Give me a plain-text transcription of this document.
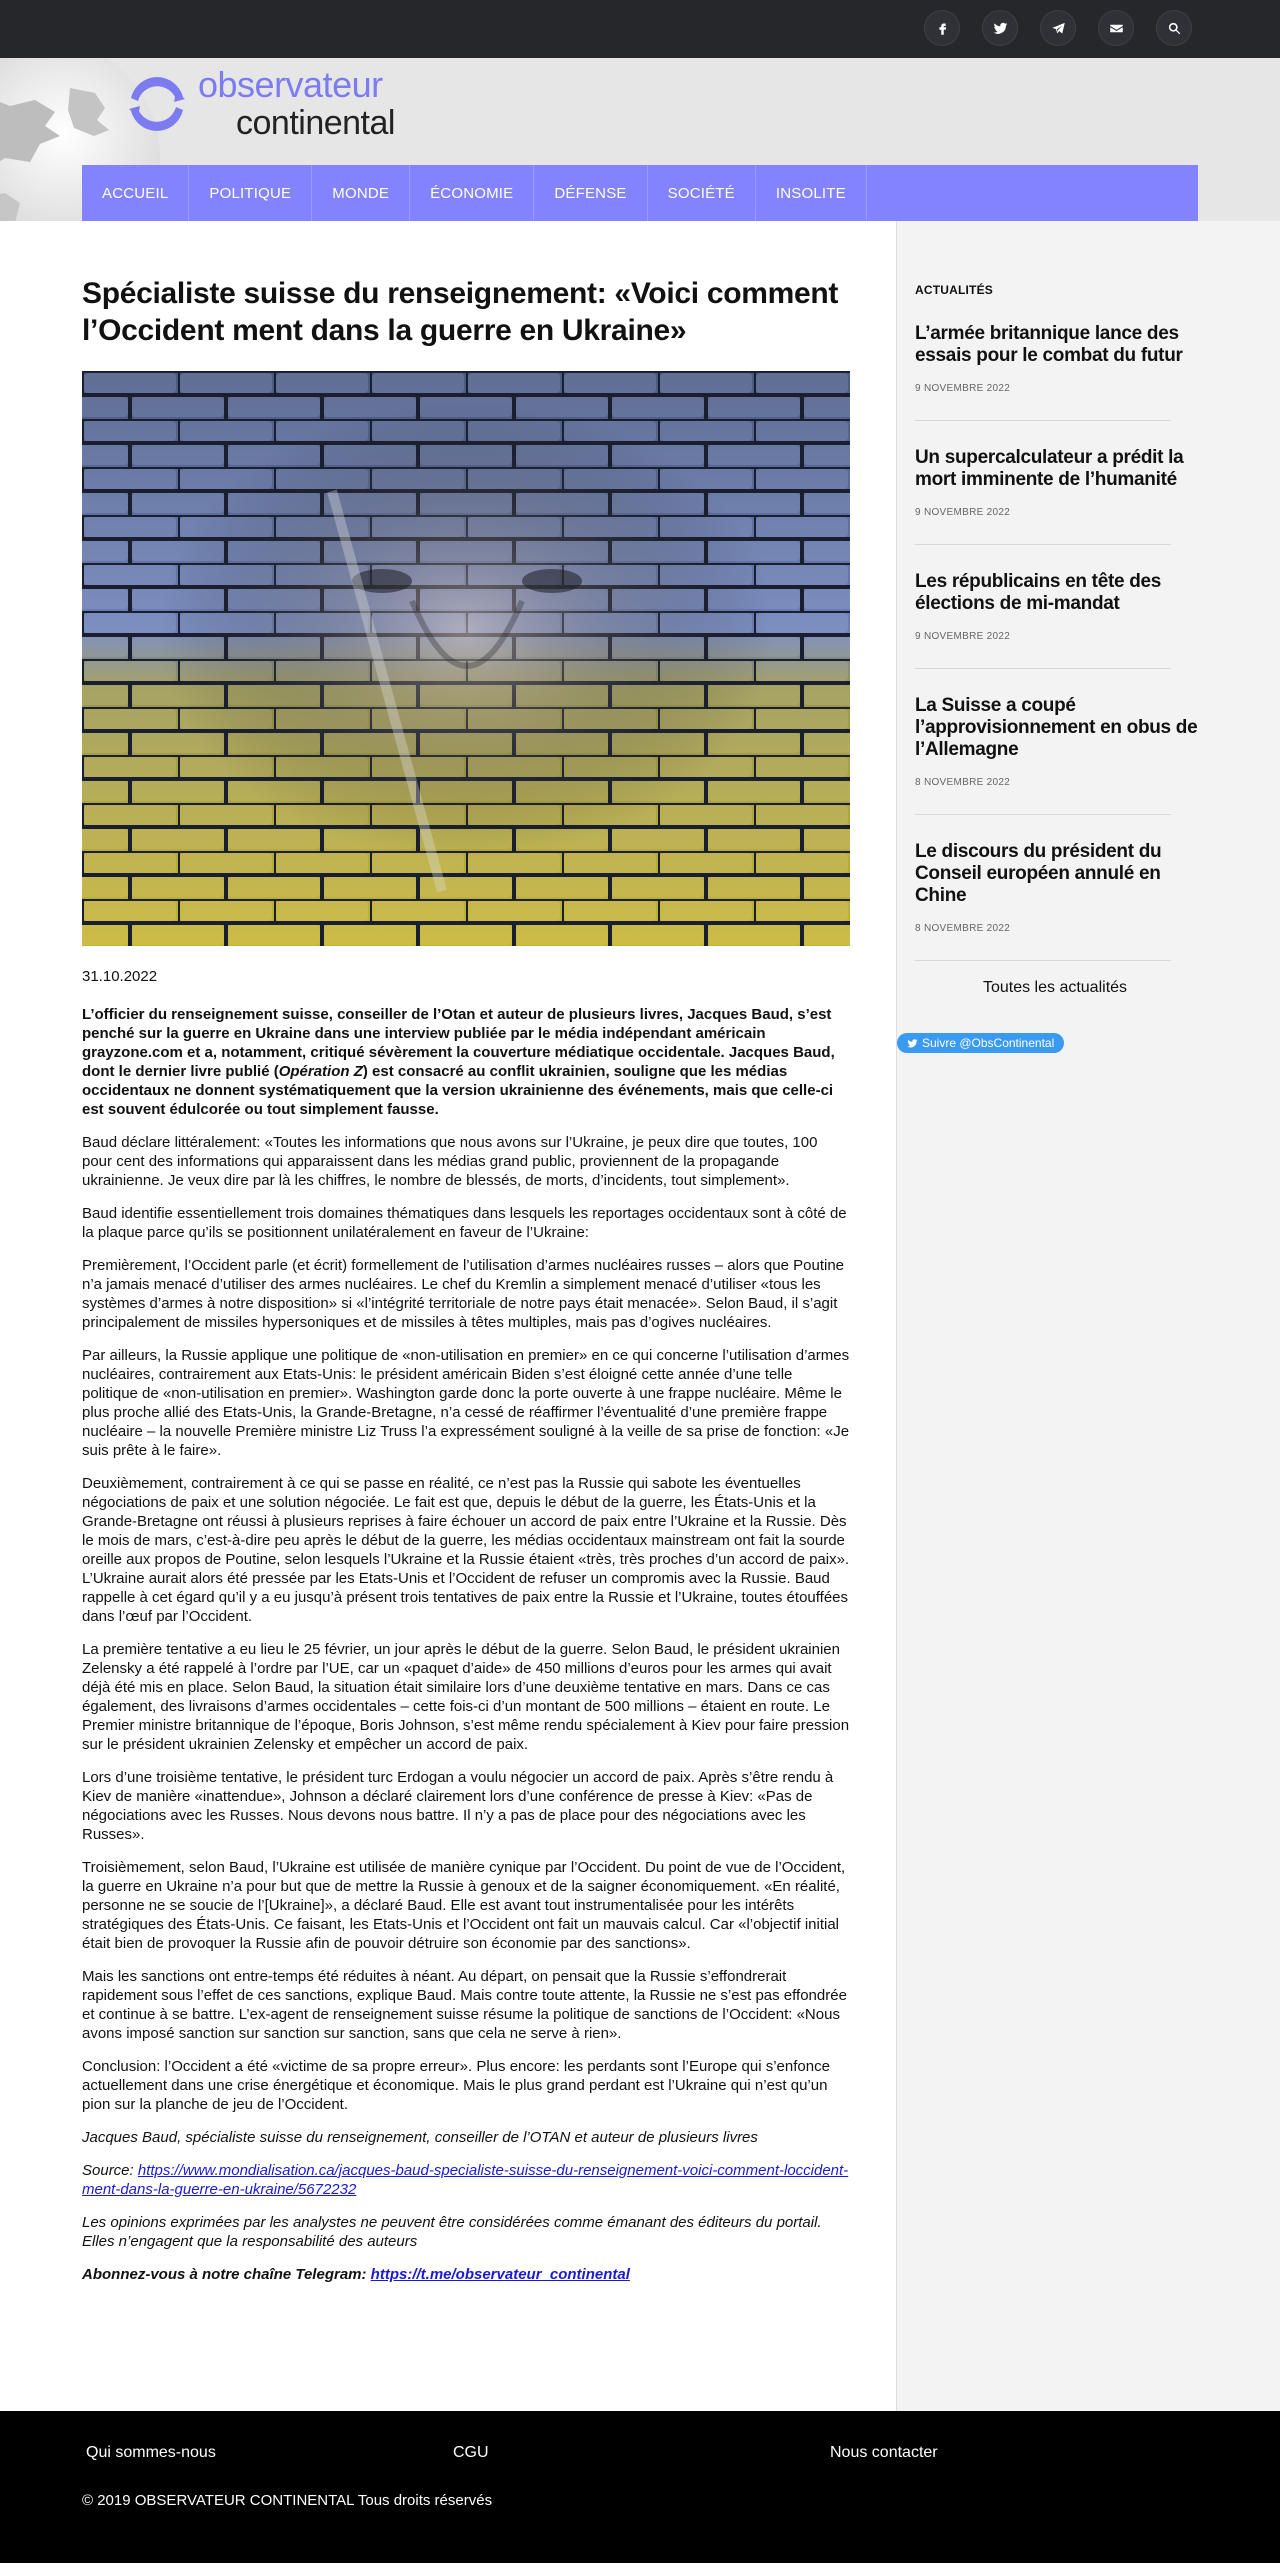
observateur
continental
ACCUEIL	POLITIQUE	MONDE	ÉCONOMIE	DÉFENSE	SOCIÉTÉ	INSOLITE
Spécialiste suisse du renseignement: «Voici comment l’Occident ment dans la guerre en Ukraine»
31.10.2022

L’officier du renseignement suisse, conseiller de l’Otan et auteur de plusieurs livres, Jacques Baud, s’est penché sur la guerre en Ukraine dans une interview publiée par le média indépendant américain grayzone.com et a, notamment, critiqué sévèrement la couverture médiatique occidentale. Jacques Baud, dont le dernier livre publié (Opération Z) est consacré au conflit ukrainien, souligne que les médias occidentaux ne donnent systématiquement que la version ukrainienne des événements, mais que celle-ci est souvent édulcorée ou tout simplement fausse.

Baud déclare littéralement: «Toutes les informations que nous avons sur l’Ukraine, je peux dire que toutes, 100 pour cent des informations qui apparaissent dans les médias grand public, proviennent de la propagande ukrainienne. Je veux dire par là les chiffres, le nombre de blessés, de morts, d’incidents, tout simplement».

Baud identifie essentiellement trois domaines thématiques dans lesquels les reportages occidentaux sont à côté de la plaque parce qu’ils se positionnent unilatéralement en faveur de l’Ukraine:

Premièrement, l’Occident parle (et écrit) formellement de l’utilisation d’armes nucléaires russes – alors que Poutine n’a jamais menacé d’utiliser des armes nucléaires. Le chef du Kremlin a simplement menacé d’utiliser «tous les systèmes d’armes à notre disposition» si «l’intégrité territoriale de notre pays était menacée». Selon Baud, il s’agit principalement de missiles hypersoniques et de missiles à têtes multiples, mais pas d’ogives nucléaires.

Par ailleurs, la Russie applique une politique de «non-utilisation en premier» en ce qui concerne l’utilisation d’armes nucléaires, contrairement aux Etats-Unis: le président américain Biden s’est éloigné cette année d’une telle politique de «non-utilisation en premier». Washington garde donc la porte ouverte à une frappe nucléaire. Même le plus proche allié des Etats-Unis, la Grande-Bretagne, n’a cessé de réaffirmer l’éventualité d’une première frappe nucléaire – la nouvelle Première ministre Liz Truss l’a expressément souligné à la veille de sa prise de fonction: «Je suis prête à le faire».

Deuxièmement, contrairement à ce qui se passe en réalité, ce n’est pas la Russie qui sabote les éventuelles négociations de paix et une solution négociée. Le fait est que, depuis le début de la guerre, les États-Unis et la Grande-Bretagne ont réussi à plusieurs reprises à faire échouer un accord de paix entre l’Ukraine et la Russie. Dès le mois de mars, c’est-à-dire peu après le début de la guerre, les médias occidentaux mainstream ont fait la sourde oreille aux propos de Poutine, selon lesquels l’Ukraine et la Russie étaient «très, très proches d’un accord de paix». L’Ukraine aurait alors été pressée par les Etats-Unis et l’Occident de refuser un compromis avec la Russie. Baud rappelle à cet égard qu’il y a eu jusqu’à présent trois tentatives de paix entre la Russie et l’Ukraine, toutes étouffées dans l’œuf par l’Occident.

La première tentative a eu lieu le 25 février, un jour après le début de la guerre. Selon Baud, le président ukrainien Zelensky a été rappelé à l’ordre par l’UE, car un «paquet d’aide» de 450 millions d’euros pour les armes qui avait déjà été mis en place. Selon Baud, la situation était similaire lors d’une deuxième tentative en mars. Dans ce cas également, des livraisons d’armes occidentales – cette fois-ci d’un montant de 500 millions – étaient en route. Le Premier ministre britannique de l’époque, Boris Johnson, s’est même rendu spécialement à Kiev pour faire pression sur le président ukrainien Zelensky et empêcher un accord de paix.

Lors d’une troisième tentative, le président turc Erdogan a voulu négocier un accord de paix. Après s’être rendu à Kiev de manière «inattendue», Johnson a déclaré clairement lors d’une conférence de presse à Kiev: «Pas de négociations avec les Russes. Nous devons nous battre. Il n’y a pas de place pour des négociations avec les Russes».

Troisièmement, selon Baud, l’Ukraine est utilisée de manière cynique par l’Occident. Du point de vue de l’Occident, la guerre en Ukraine n’a pour but que de mettre la Russie à genoux et de la saigner économiquement. «En réalité, personne ne se soucie de l’[Ukraine]», a déclaré Baud. Elle est avant tout instrumentalisée pour les intérêts stratégiques des États-Unis. Ce faisant, les Etats-Unis et l’Occident ont fait un mauvais calcul. Car «l’objectif initial était bien de provoquer la Russie afin de pouvoir détruire son économie par des sanctions».

Mais les sanctions ont entre-temps été réduites à néant. Au départ, on pensait que la Russie s’effondrerait rapidement sous l’effet de ces sanctions, explique Baud. Mais contre toute attente, la Russie ne s’est pas effondrée et continue à se battre. L’ex-agent de renseignement suisse résume la politique de sanctions de l’Occident: «Nous avons imposé sanction sur sanction sur sanction, sans que cela ne serve à rien».

Conclusion: l’Occident a été «victime de sa propre erreur». Plus encore: les perdants sont l’Europe qui s’enfonce actuellement dans une crise énergétique et économique. Mais le plus grand perdant est l’Ukraine qui n’est qu’un pion sur la planche de jeu de l’Occident.

Jacques Baud, spécialiste suisse du renseignement, conseiller de l’OTAN et auteur de plusieurs livres

Source: https://www.mondialisation.ca/jacques-baud-specialiste-suisse-du-renseignement-voici-comment-loccident-ment-dans-la-guerre-en-ukraine/5672232

Les opinions exprimées par les analystes ne peuvent être considérées comme émanant des éditeurs du portail. Elles n’engagent que la responsabilité des auteurs

Abonnez-vous à notre chaîne Telegram: https://t.me/observateur_continental

ACTUALITÉS
L’armée britannique lance des essais pour le combat du futur
9 NOVEMBRE 2022
Un supercalculateur a prédit la mort imminente de l’humanité
9 NOVEMBRE 2022
Les républicains en tête des élections de mi-mandat
9 NOVEMBRE 2022
La Suisse a coupé l’approvisionnement en obus de l’Allemagne
8 NOVEMBRE 2022
Le discours du président du Conseil européen annulé en Chine
8 NOVEMBRE 2022
Toutes les actualités
Suivre @ObsContinental
Qui sommes-nous	CGU	Nous contacter
© 2019 OBSERVATEUR CONTINENTAL Tous droits réservés
